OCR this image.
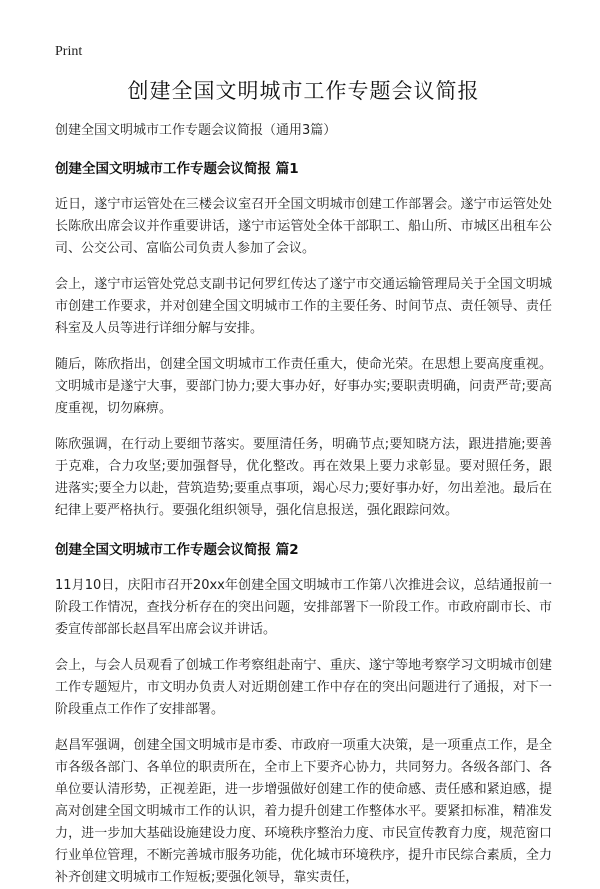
Print
创建全国文明城市工作专题会议简报
创建全国文明城市工作专题会议简报（通用3篇）
创建全国文明城市工作专题会议简报 篇1

近日，遂宁市运管处在三楼会议室召开全国文明城市创建工作部署会。遂宁市运管处处长陈欣出席会议并作重要讲话，遂宁市运管处全体干部职工、船山所、市城区出租车公司、公交公司、富临公司负责人参加了会议。

会上，遂宁市运管处党总支副书记何罗红传达了遂宁市交通运输管理局关于全国文明城市创建工作要求，并对创建全国文明城市工作的主要任务、时间节点、责任领导、责任科室及人员等进行详细分解与安排。

随后，陈欣指出，创建全国文明城市工作责任重大，使命光荣。在思想上要高度重视。文明城市是遂宁大事，要部门协力;要大事办好，好事办实;要职责明确，问责严苛;要高度重视，切勿麻痹。

陈欣强调，在行动上要细节落实。要厘清任务，明确节点;要知晓方法，跟进措施;要善于克难，合力攻坚;要加强督导，优化整改。再在效果上要力求彰显。要对照任务，跟进落实;要全力以赴，营筑造势;要重点事项，竭心尽力;要好事办好，勿出差池。最后在纪律上要严格执行。要强化组织领导，强化信息报送，强化跟踪问效。

创建全国文明城市工作专题会议简报 篇2

11月10日，庆阳市召开20xx年创建全国文明城市工作第八次推进会议，总结通报前一阶段工作情况，查找分析存在的突出问题，安排部署下一阶段工作。市政府副市长、市委宣传部部长赵昌军出席会议并讲话。

会上，与会人员观看了创城工作考察组赴南宁、重庆、遂宁等地考察学习文明城市创建工作专题短片，市文明办负责人对近期创建工作中存在的突出问题进行了通报，对下一阶段重点工作作了安排部署。

赵昌军强调，创建全国文明城市是市委、市政府一项重大决策，是一项重点工作，是全市各级各部门、各单位的职责所在，全市上下要齐心协力，共同努力。各级各部门、各单位要认清形势，正视差距，进一步增强做好创建工作的使命感、责任感和紧迫感，提高对创建全国文明城市工作的认识，着力提升创建工作整体水平。要紧扣标准，精准发力，进一步加大基础设施建设力度、环境秩序整治力度、市民宣传教育力度，规范窗口行业单位管理，不断完善城市服务功能，优化城市环境秩序，提升市民综合素质，全力补齐创建文明城市工作短板;要强化领导，靠实责任，
